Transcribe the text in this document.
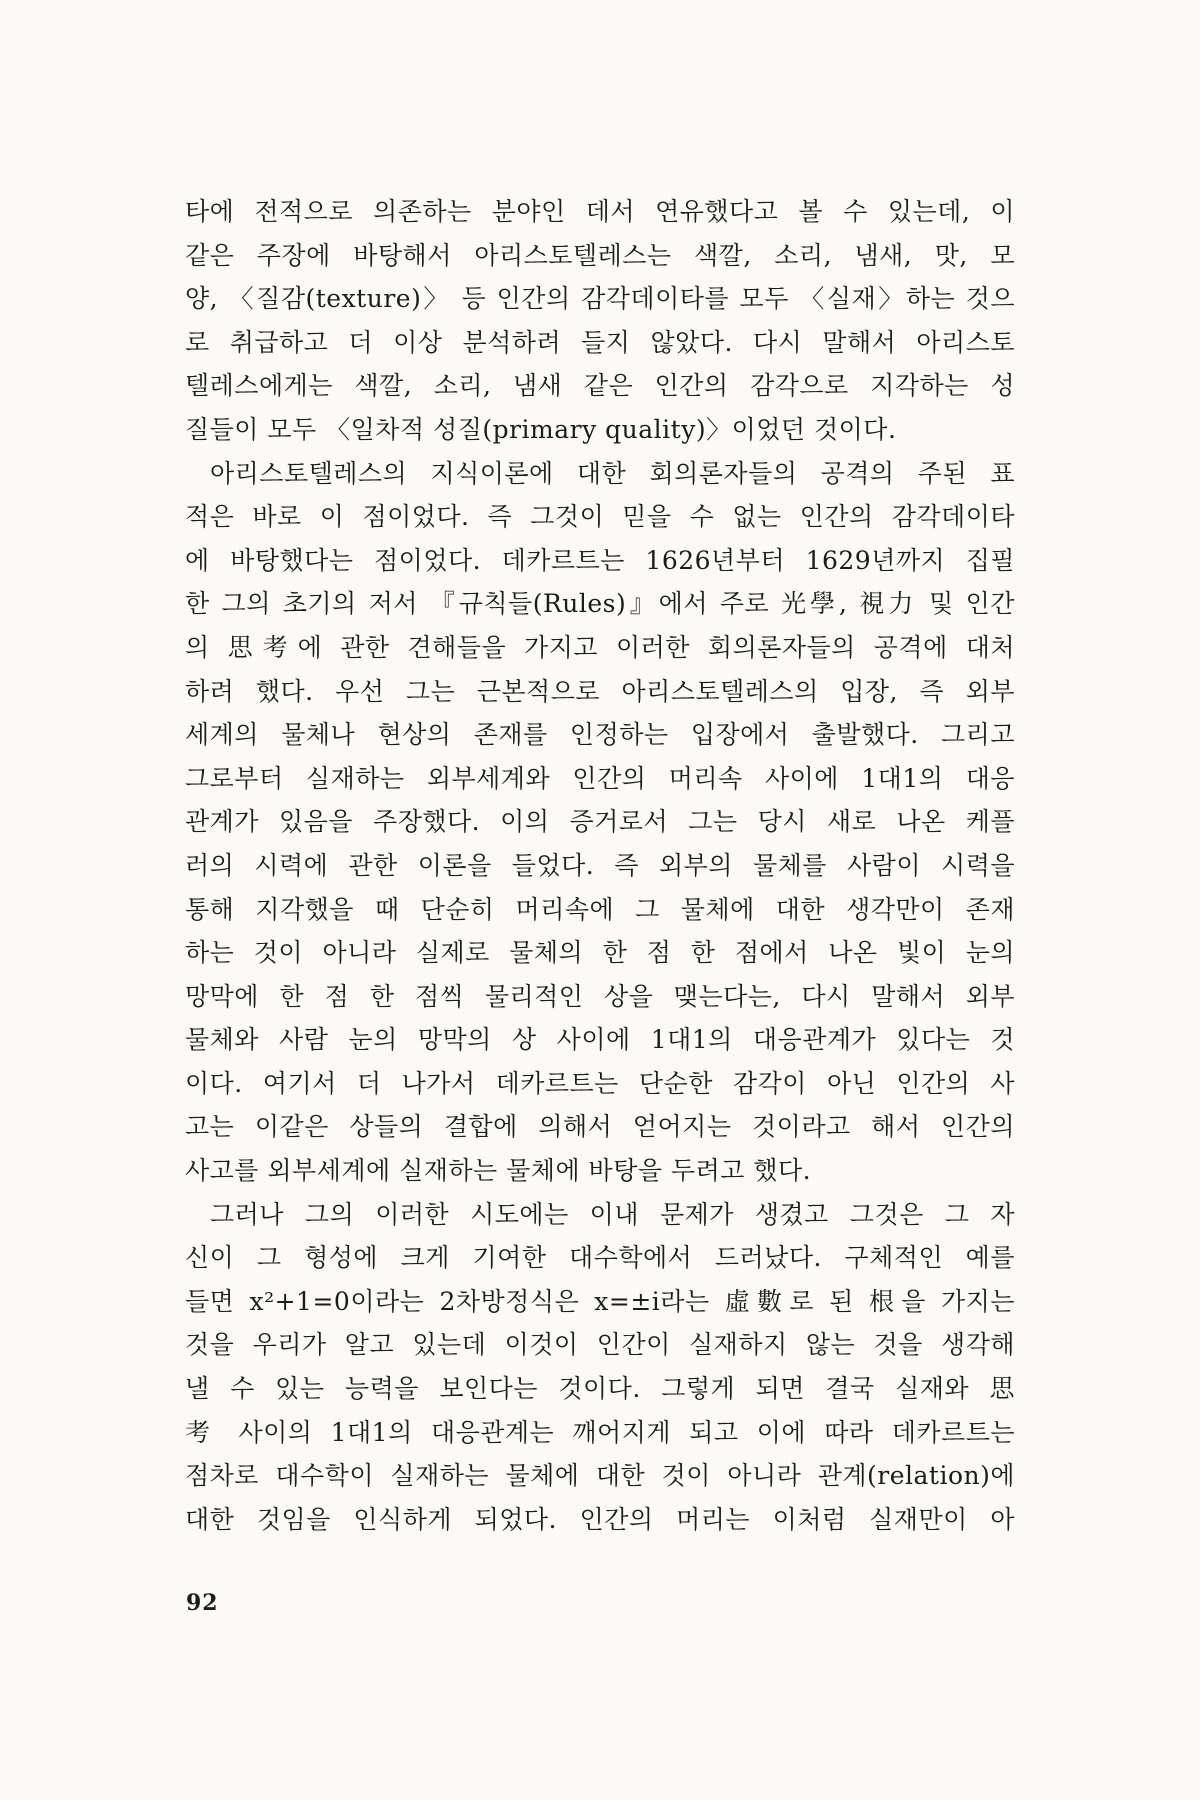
타에 전적으로 의존하는 분야인 데서 연유했다고 볼 수 있는데, 이
같은 주장에 바탕해서 아리스토텔레스는 색깔, 소리, 냄새, 맛, 모
양, 〈질감(texture)〉 등 인간의 감각데이타를 모두 〈실재〉하는 것으
로 취급하고 더 이상 분석하려 들지 않았다. 다시 말해서 아리스토
텔레스에게는 색깔, 소리, 냄새 같은 인간의 감각으로 지각하는 성
질들이 모두 〈일차적 성질(primary quality)〉이었던 것이다.
아리스토텔레스의 지식이론에 대한 회의론자들의 공격의 주된 표
적은 바로 이 점이었다. 즉 그것이 믿을 수 없는 인간의 감각데이타
에 바탕했다는 점이었다. 데카르트는 1626년부터 1629년까지 집필
한 그의 초기의 저서 『규칙들(Rules)』에서 주로 光學, 視力 및 인간
의 思考에 관한 견해들을 가지고 이러한 회의론자들의 공격에 대처
하려 했다. 우선 그는 근본적으로 아리스토텔레스의 입장, 즉 외부
세계의 물체나 현상의 존재를 인정하는 입장에서 출발했다. 그리고
그로부터 실재하는 외부세계와 인간의 머리속 사이에 1대1의 대응
관계가 있음을 주장했다. 이의 증거로서 그는 당시 새로 나온 케플
러의 시력에 관한 이론을 들었다. 즉 외부의 물체를 사람이 시력을
통해 지각했을 때 단순히 머리속에 그 물체에 대한 생각만이 존재
하는 것이 아니라 실제로 물체의 한 점 한 점에서 나온 빛이 눈의
망막에 한 점 한 점씩 물리적인 상을 맺는다는, 다시 말해서 외부
물체와 사람 눈의 망막의 상 사이에 1대1의 대응관계가 있다는 것
이다. 여기서 더 나가서 데카르트는 단순한 감각이 아닌 인간의 사
고는 이같은 상들의 결합에 의해서 얻어지는 것이라고 해서 인간의
사고를 외부세계에 실재하는 물체에 바탕을 두려고 했다.
그러나 그의 이러한 시도에는 이내 문제가 생겼고 그것은 그 자
신이 그 형성에 크게 기여한 대수학에서 드러났다. 구체적인 예를
들면 x²+1=0이라는 2차방정식은 x=±i라는 虛數로 된 根을 가지는
것을 우리가 알고 있는데 이것이 인간이 실재하지 않는 것을 생각해
낼 수 있는 능력을 보인다는 것이다. 그렇게 되면 결국 실재와 思
考 사이의 1대1의 대응관계는 깨어지게 되고 이에 따라 데카르트는
점차로 대수학이 실재하는 물체에 대한 것이 아니라 관계(relation)에
대한 것임을 인식하게 되었다. 인간의 머리는 이처럼 실재만이 아
92
